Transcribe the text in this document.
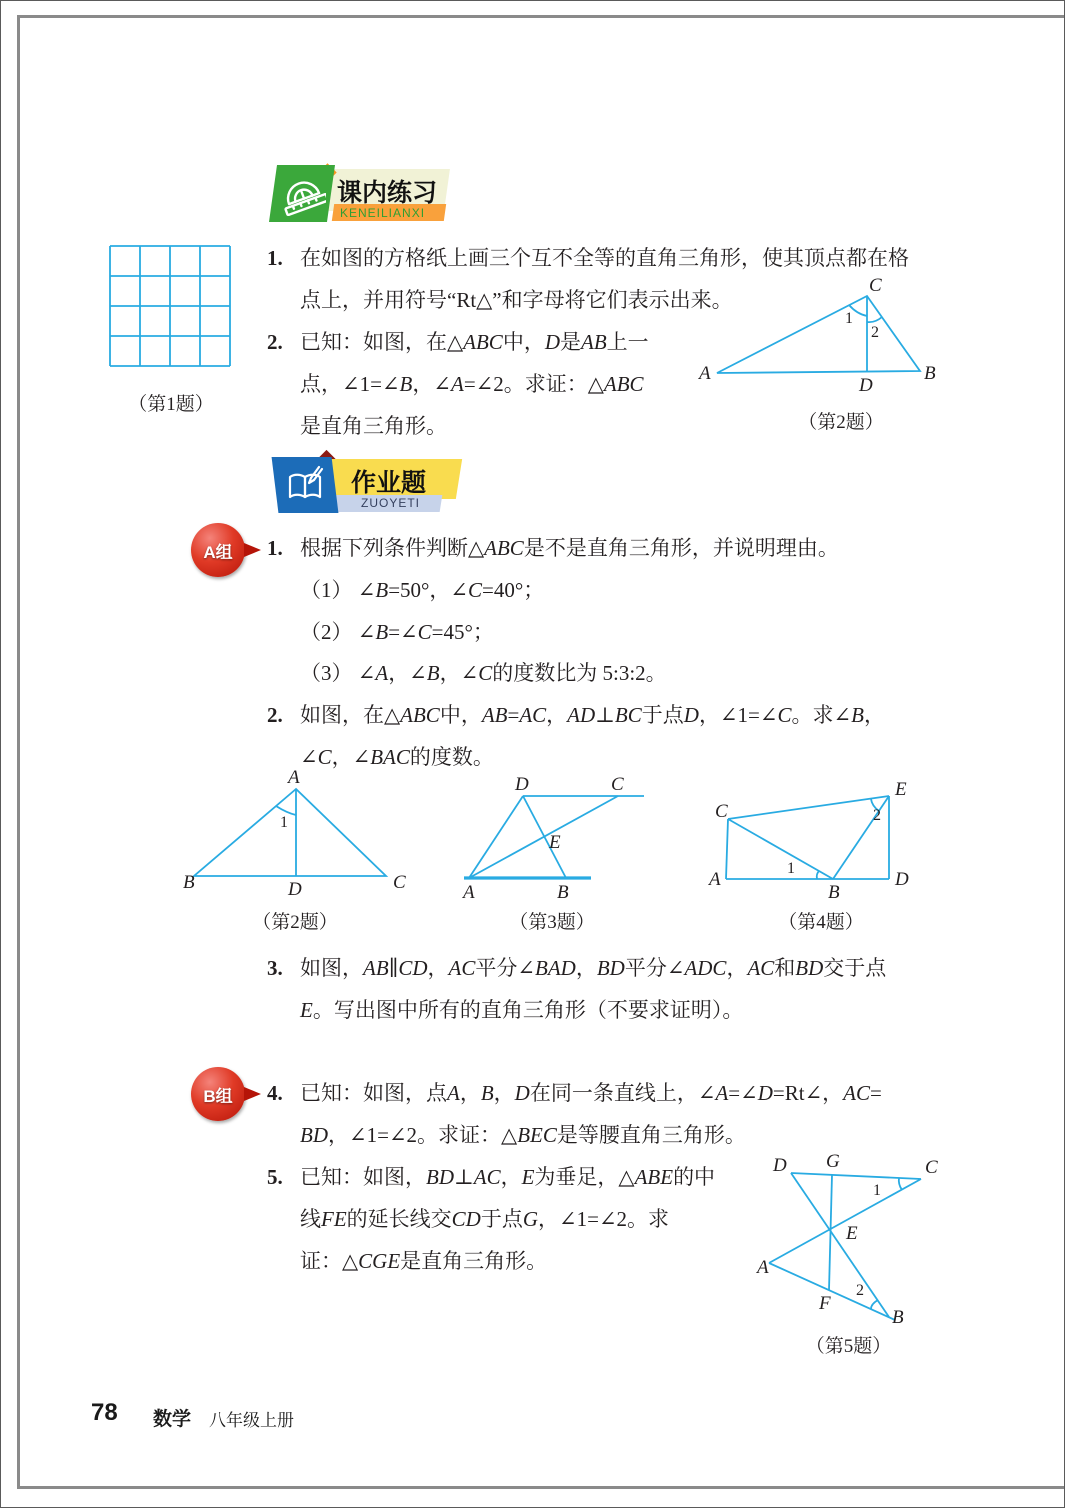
课内练习
KENEILIANXI
（第1题）
1. 在如图的方格纸上画三个互不全等的直角三角形，使其顶点都在格
点上，并用符号“Rt△”和字母将它们表示出来。
2. 已知：如图，在△ABC中，D是AB上一
点，∠1=∠B，∠A=∠2。求证：△ABC
是直角三角形。
A	B
C
D
1
2
（第2题）
作业题
ZUOYETI
A组 1. 根据下列条件判断△ABC是不是直角三角形，并说明理由。
（1） ∠B=50°，∠C=40°；
（2） ∠B=∠C=45°；
（3） ∠A，∠B，∠C的度数比为 5:3:2。
2. 如图，在△ABC中，AB=AC，AD⊥BC于点D，∠1=∠C。求∠B，
∠C，∠BAC的度数。
A
B	C
D
1
（第2题）
D	C
A	B
E
（第3题）
A
B
C
D
E
1
2
（第4题）
3. 如图，AB∥CD，AC平分∠BAD，BD平分∠ADC，AC和BD交于点
E。写出图中所有的直角三角形（不要求证明）。
B组 4. 已知：如图，点A，B，D在同一条直线上，∠A=∠D=Rt∠，AC=
BD，∠1=∠2。求证：△BEC是等腰直角三角形。
5. 已知：如图，BD⊥AC，E为垂足，△ABE的中
线FE的延长线交CD于点G，∠1=∠2。求
证：△CGE是直角三角形。
D G	C
E
A
F
B
1
2
（第5题）
78 数学 八年级上册
